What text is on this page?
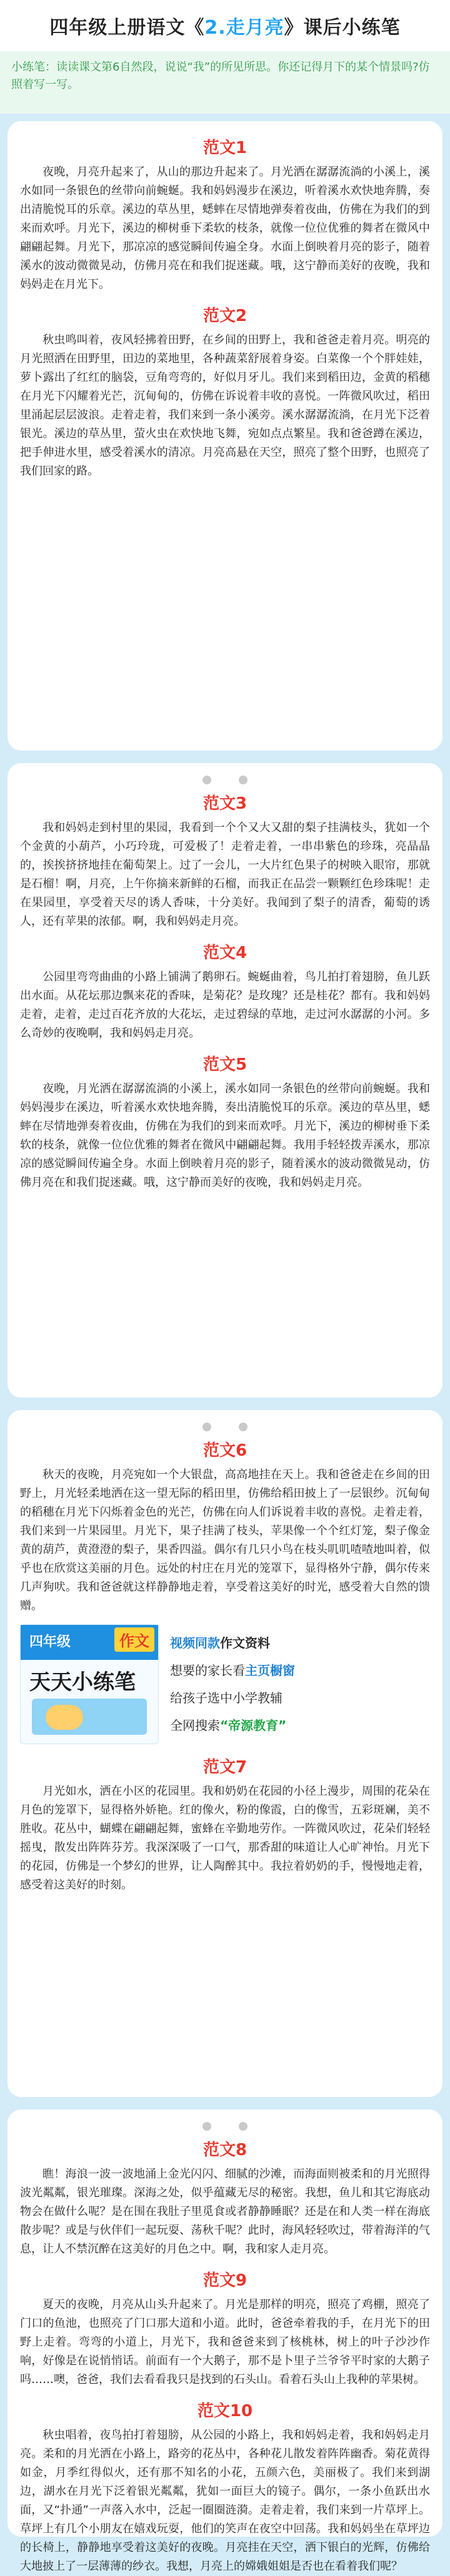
四年级上册语文《2.走月亮》课后小练笔
小练笔：读读课文第6自然段，说说“我”的所见所思。你还记得月下的某个情景吗?仿照着写一写。
范文1

夜晚，月亮升起来了，从山的那边升起来了。月光洒在潺潺流淌的小溪上，溪水如同一条银色的丝带向前蜿蜒。我和妈妈漫步在溪边，听着溪水欢快地奔腾，奏出清脆悦耳的乐章。溪边的草丛里，蟋蟀在尽情地弹奏着夜曲，仿佛在为我们的到来而欢呼。月光下，溪边的柳树垂下柔软的枝条，就像一位位优雅的舞者在微风中翩翩起舞。月光下，那凉凉的感觉瞬间传遍全身。水面上倒映着月亮的影子，随着溪水的波动微微晃动，仿佛月亮在和我们捉迷藏。哦，这宁静而美好的夜晚，我和妈妈走在月光下。

范文2

秋虫鸣叫着，夜风轻拂着田野，在乡间的田野上，我和爸爸走着月亮。明亮的月光照洒在田野里，田边的菜地里，各种蔬菜舒展着身姿。白菜像一个个胖娃娃，萝卜露出了红红的脑袋，豆角弯弯的，好似月牙儿。我们来到稻田边，金黄的稻穗在月光下闪耀着光芒，沉甸甸的，仿佛在诉说着丰收的喜悦。一阵微风吹过，稻田里涌起层层波浪。走着走着，我们来到一条小溪旁。溪水潺潺流淌，在月光下泛着银光。溪边的草丛里，萤火虫在欢快地飞舞，宛如点点繁星。我和爸爸蹲在溪边，把手伸进水里，感受着溪水的清凉。月亮高悬在天空，照亮了整个田野，也照亮了我们回家的路。

范文3

我和妈妈走到村里的果园，我看到一个个又大又甜的梨子挂满枝头，犹如一个个金黄的小葫芦，小巧玲珑，可爱极了！走着走着，一串串紫色的珍珠，亮晶晶的，挨挨挤挤地挂在葡萄架上。过了一会儿，一大片红色果子的树映入眼帘，那就是石榴！啊，月亮，上午你摘来新鲜的石榴，而我正在品尝一颗颗红色珍珠呢！走在果园里，享受着天尽的诱人香味，十分美好。我闻到了梨子的清香，葡萄的诱人，还有苹果的浓郁。啊，我和妈妈走月亮。

范文4

公园里弯弯曲曲的小路上铺满了鹅卵石。蜿蜒曲着，鸟儿拍打着翅膀，鱼儿跃出水面。从花坛那边飘来花的香味，是菊花？是玫瑰？还是桂花？都有。我和妈妈走着，走着，走过百花齐放的大花坛，走过碧绿的草地，走过河水潺潺的小河。多么奇妙的夜晚啊，我和妈妈走月亮。

范文5

夜晚，月光洒在潺潺流淌的小溪上，溪水如同一条银色的丝带向前蜿蜒。我和妈妈漫步在溪边，听着溪水欢快地奔腾，奏出清脆悦耳的乐章。溪边的草丛里，蟋蟀在尽情地弹奏着夜曲，仿佛在为我们的到来而欢呼。月光下，溪边的柳树垂下柔软的枝条，就像一位位优雅的舞者在微风中翩翩起舞。我用手轻轻拨弄溪水，那凉凉的感觉瞬间传遍全身。水面上倒映着月亮的影子，随着溪水的波动微微晃动，仿佛月亮在和我们捉迷藏。哦，这宁静而美好的夜晚，我和妈妈走月亮。

范文6

秋天的夜晚，月亮宛如一个大银盘，高高地挂在天上。我和爸爸走在乡间的田野上，月光轻柔地洒在这一望无际的稻田里，仿佛给稻田披上了一层银纱。沉甸甸的稻穗在月光下闪烁着金色的光芒，仿佛在向人们诉说着丰收的喜悦。走着走着，我们来到一片果园里。月光下，果子挂满了枝头，苹果像一个个红灯笼，梨子像金黄的葫芦，黄澄澄的梨子，果香四溢。偶尔有几只小鸟在枝头叽叽喳喳地叫着，似乎也在欣赏这美丽的月色。远处的村庄在月光的笼罩下，显得格外宁静，偶尔传来几声狗吠。我和爸爸就这样静静地走着，享受着这美好的时光，感受着大自然的馈赠。

四年级	作文
天天小练笔
视频同款作文资料
想要的家长看主页橱窗
给孩子选中小学教辅
全网搜索“帝源教育”
范文7

月光如水，洒在小区的花园里。我和奶奶在花园的小径上漫步，周围的花朵在月色的笼罩下，显得格外娇艳。红的像火，粉的像霞，白的像雪，五彩斑斓，美不胜收。花丛中，蝴蝶在翩翩起舞，蜜蜂在辛勤地劳作。一阵微风吹过，花朵们轻轻摇曳，散发出阵阵芬芳。我深深吸了一口气，那香甜的味道让人心旷神怡。月光下的花园，仿佛是一个梦幻的世界，让人陶醉其中。我拉着奶奶的手，慢慢地走着，感受着这美好的时刻。

范文8

瞧！海浪一波一波地涌上金光闪闪、细腻的沙滩，而海面则被柔和的月光照得波光粼粼，银光璀璨。深海之处，似乎蕴藏无尽的秘密。我想，鱼儿和其它海底动物会在做什么呢？是在围在我肚子里觅食或者静静睡眠？还是在和人类一样在海底散步呢？或是与伙伴们一起玩耍、荡秋千呢？此时，海风轻轻吹过，带着海洋的气息，让人不禁沉醉在这美好的月色之中。啊，我和家人走月亮。

范文9

夏天的夜晚，月亮从山头升起来了。月光是那样的明亮，照亮了鸡棚，照亮了门口的鱼池，也照亮了门口那大道和小道。此时，爸爸牵着我的手，在月光下的田野上走着。弯弯的小道上，月光下，我和爸爸来到了核桃林，树上的叶子沙沙作响，好像是在说悄悄话。前面有一个大鹅子，那不是卜里子兰爷爷平时家的大鹅子吗……噢，爸爸，我们去看看我只是找到的石头山。看着石头山上我种的苹果树。

范文10

秋虫唱着，夜鸟拍打着翅膀，从公园的小路上，我和妈妈走着，我和妈妈走月亮。柔和的月光洒在小路上，路旁的花丛中，各种花儿散发着阵阵幽香。菊花黄得如金，月季红得似火，还有那不知名的小花，五颜六色，美丽极了。我们来到湖边，湖水在月光下泛着银光粼粼，犹如一面巨大的镜子。偶尔，一条小鱼跃出水面，又“扑通”一声落入水中，泛起一圈圈涟漪。走着走着，我们来到一片草坪上。草坪上有几个小朋友在嬉戏玩耍，他们的笑声在夜空中回荡。我和妈妈坐在草坪边的长椅上，静静地享受着这美好的夜晚。月亮挂在天空，洒下银白的光辉，仿佛给大地披上了一层薄薄的纱衣。我想，月亮上的嫦娥姐姐是否也在看着我们呢？
